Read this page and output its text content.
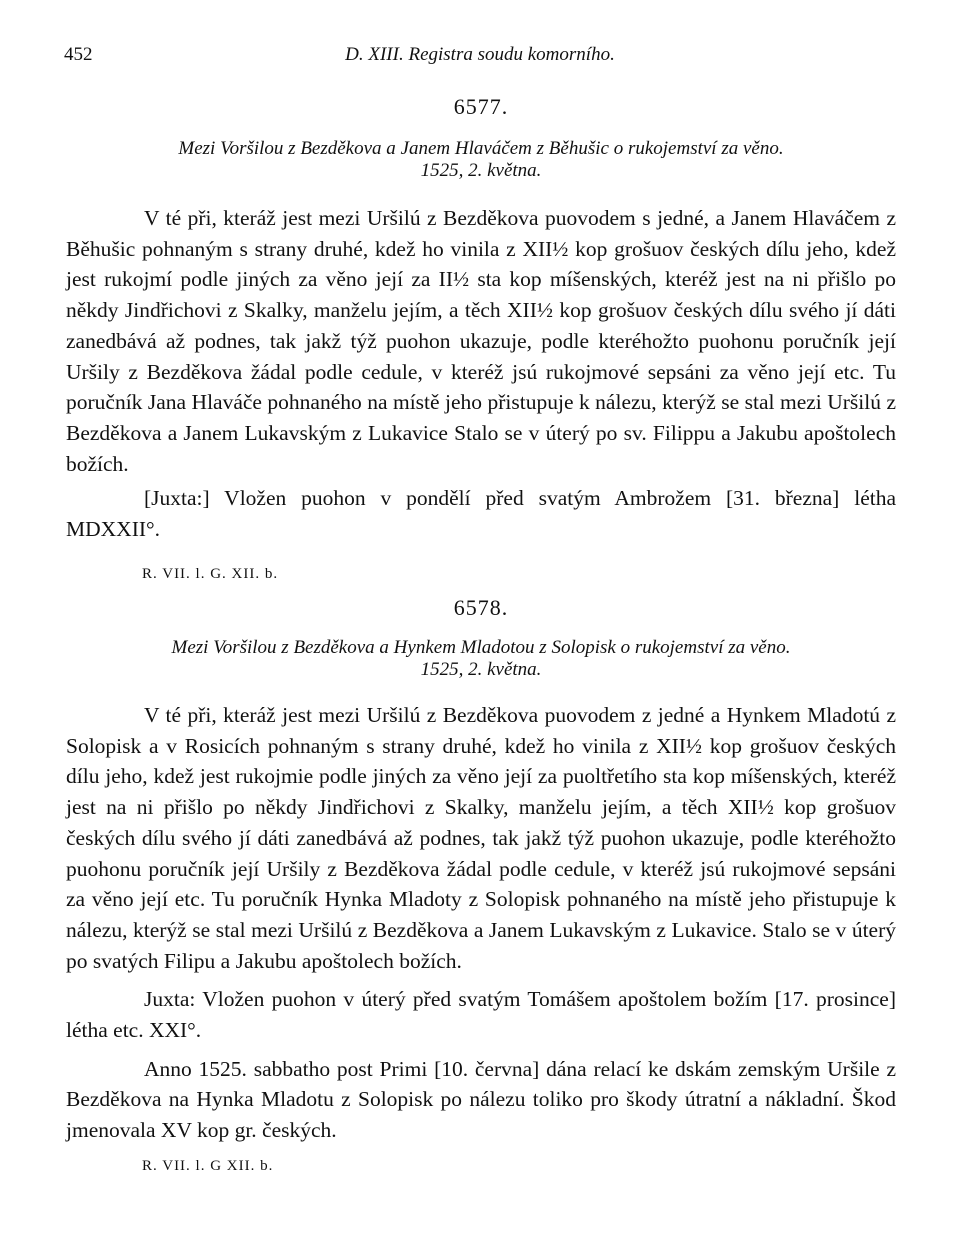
452	D. XIII. Registra soudu komorního.
6577.
Mezi Voršilou z Bezděkova a Janem Hlaváčem z Běhušic o rukojemství za věno.
1525, 2. května.

V té při, kteráž jest mezi Uršilú z Bezděkova puovodem s jedné, a Janem Hlaváčem z Běhušic pohnaným s strany druhé, kdež ho vinila z XII½ kop grošuov českých dílu jeho, kdež jest rukojmí podle jiných za věno její za II½ sta kop míšenských, kteréž jest na ni přišlo po někdy Jindřichovi z Skalky, manželu jejím, a těch XII½ kop grošuov českých dílu svého jí dáti zanedbává až podnes, tak jakž týž puohon ukazuje, podle kteréhožto puohonu poručník její Uršily z Bezděkova žádal podle cedule, v kteréž jsú rukojmové sepsáni za věno její etc. Tu poručník Jana Hlaváče pohnaného na místě jeho přistupuje k nálezu, kterýž se stal mezi Uršilú z Bezděkova a Janem Lukavským z Lukavice Stalo se v úterý po sv. Filippu a Jakubu apoštolech božích.

[Juxta:] Vložen puohon v pondělí před svatým Ambrožem [31. března] létha MDXXII°.

R. VII. l. G. XII. b.
6578.
Mezi Voršilou z Bezděkova a Hynkem Mladotou z Solopisk o rukojemství za věno.
1525, 2. května.

V té při, kteráž jest mezi Uršilú z Bezděkova puovodem z jedné a Hynkem Mladotú z Solopisk a v Rosicích pohnaným s strany druhé, kdež ho vinila z XII½ kop grošuov českých dílu jeho, kdež jest rukojmie podle jiných za věno její za puoltřetího sta kop míšenských, kteréž jest na ni přišlo po někdy Jindřichovi z Skalky, manželu jejím, a těch XII½ kop grošuov českých dílu svého jí dáti zanedbává až podnes, tak jakž týž puohon ukazuje, podle kteréhožto puohonu poručník její Uršily z Bezděkova žádal podle cedule, v kteréž jsú rukojmové sepsáni za věno její etc. Tu poručník Hynka Mladoty z Solopisk pohnaného na místě jeho přistupuje k nálezu, kterýž se stal mezi Uršilú z Bezděkova a Janem Lukavským z Lukavice. Stalo se v úterý po svatých Filipu a Jakubu apoštolech božích.

Juxta: Vložen puohon v úterý před svatým Tomášem apoštolem božím [17. prosince] létha etc. XXI°.

Anno 1525. sabbatho post Primi [10. června] dána relací ke dskám zemským Uršile z Bezděkova na Hynka Mladotu z Solopisk po nálezu toliko pro škody útratní a nákladní. Škod jmenovala XV kop gr. českých.

R. VII. l. G XII. b.
